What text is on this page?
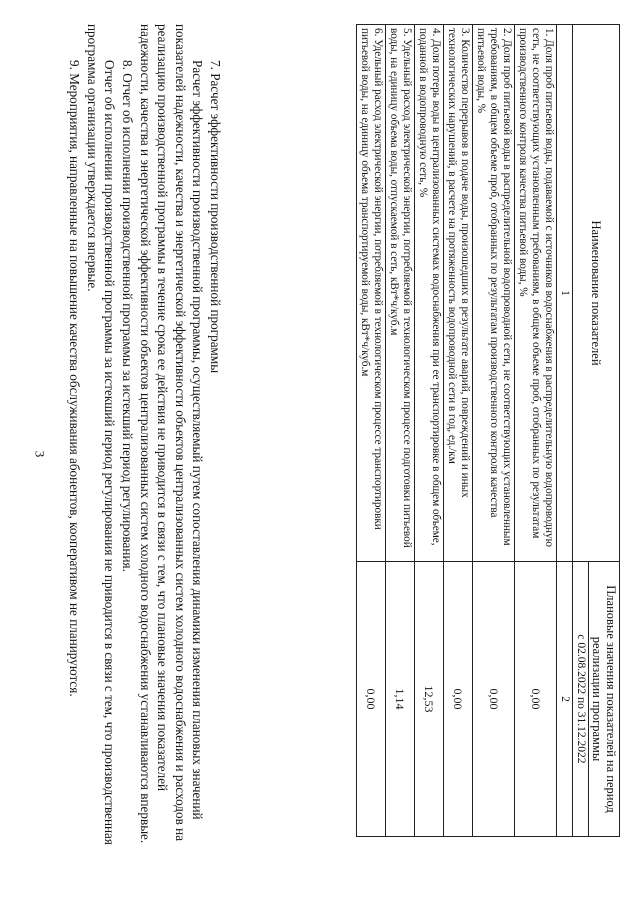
3
Наименование показателей	Плановые значения показателей на период реализации программы
	с 02.08.2022 по 31.12.2022
1	2
1. Доля проб питьевой воды, подаваемой с источников водоснабжения в распределительную водопроводную сеть, не соответствующих установленным требованиям, в общем объеме проб, отобранных по результатам производственного контроля качества питьевой воды, %	0,00
2. Доля проб питьевой воды в распределительной водопроводной сети, не соответствующих установленным требованиям, в общем объеме проб, отобранных по результатам производственного контроля качества питьевой воды, %	0,00
3. Количество перерывов в подаче воды, произошедших в результате аварий, повреждений и иных технологических нарушений, в расчете на протяженность водопроводной сети в год, ед./км	0,00
4. Доля потерь воды в централизованных системах водоснабжения при ее транспортировке в общем объеме, поданной в водопроводную сеть, %	12,53
5. Удельный расход электрической энергии, потребляемой в технологическом процессе подготовки питьевой воды, на единицу объема воды, отпускаемой в сеть, кВт*ч/куб.м	1,14
6. Удельный расход электрической энергии, потребляемой в технологическом процессе транспортировки питьевой воды, на единицу объема транспортируемой воды, кВт*ч/куб.м	0,00

7. Расчет эффективности производственной программы

Расчет эффективности производственной программы, осуществляемый путем сопоставления динамики изменения плановых значений показателей надежности, качества и энергетической эффективности объектов централизованных систем холодного водоснабжения и расходов на реализацию производственной программы в течение срока ее действия не приводится в связи с тем, что плановые значения показателей надежности, качества и энергетической эффективности объектов централизованных систем холодного водоснабжения устанавливаются впервые.

8. Отчет об исполнении производственной программы за истекший период регулирования.

Отчет об исполнении производственной программы за истекший период регулирования не приводится в связи с тем, что производственная программа организации утверждается впервые.

9. Мероприятия, направленные на повышение качества обслуживания абонентов, кооперативом не планируются.
